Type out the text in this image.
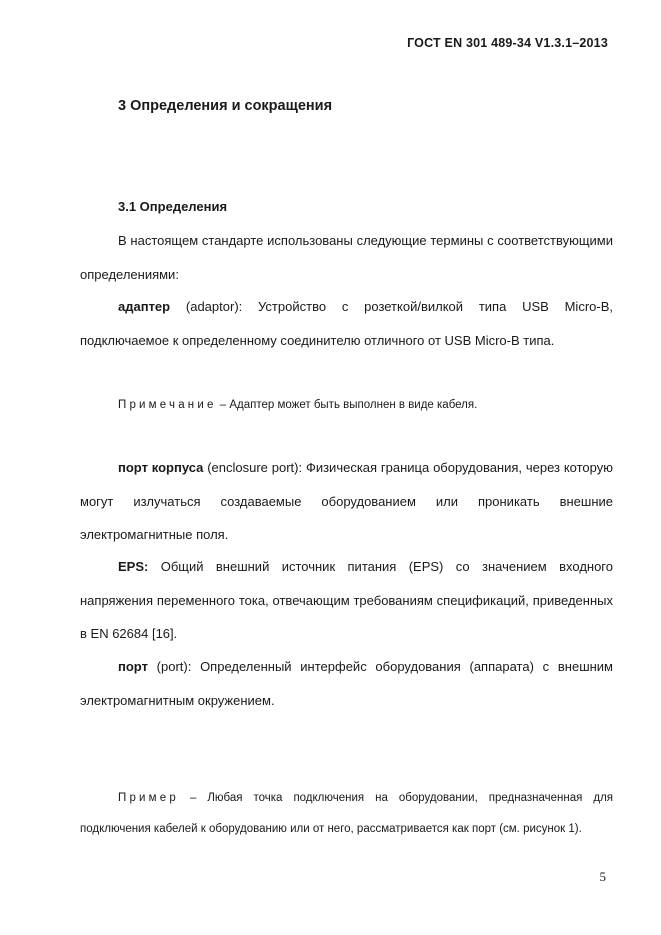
ГОСТ EN 301 489-34 V1.3.1–2013
3 Определения и сокращения
3.1 Определения

В настоящем стандарте использованы следующие термины с соответствующими определениями:

адаптер (adaptor): Устройство с розеткой/вилкой типа USB Micro-B, подключаемое к определенному соединителю отличного от USB Micro-B типа.

Примечание – Адаптер может быть выполнен в виде кабеля.

порт корпуса (enclosure port): Физическая граница оборудования, через которую могут излучаться создаваемые оборудованием или проникать внешние электромагнитные поля.

EPS: Общий внешний источник питания (EPS) со значением входного напряжения переменного тока, отвечающим требованиям спецификаций, приведенных в EN 62684 [16].

порт (port): Определенный интерфейс оборудования (аппарата) с внешним электромагнитным окружением.

Пример – Любая точка подключения на оборудовании, предназначенная для подключения кабелей к оборудованию или от него, рассматривается как порт (см. рисунок 1).

5
